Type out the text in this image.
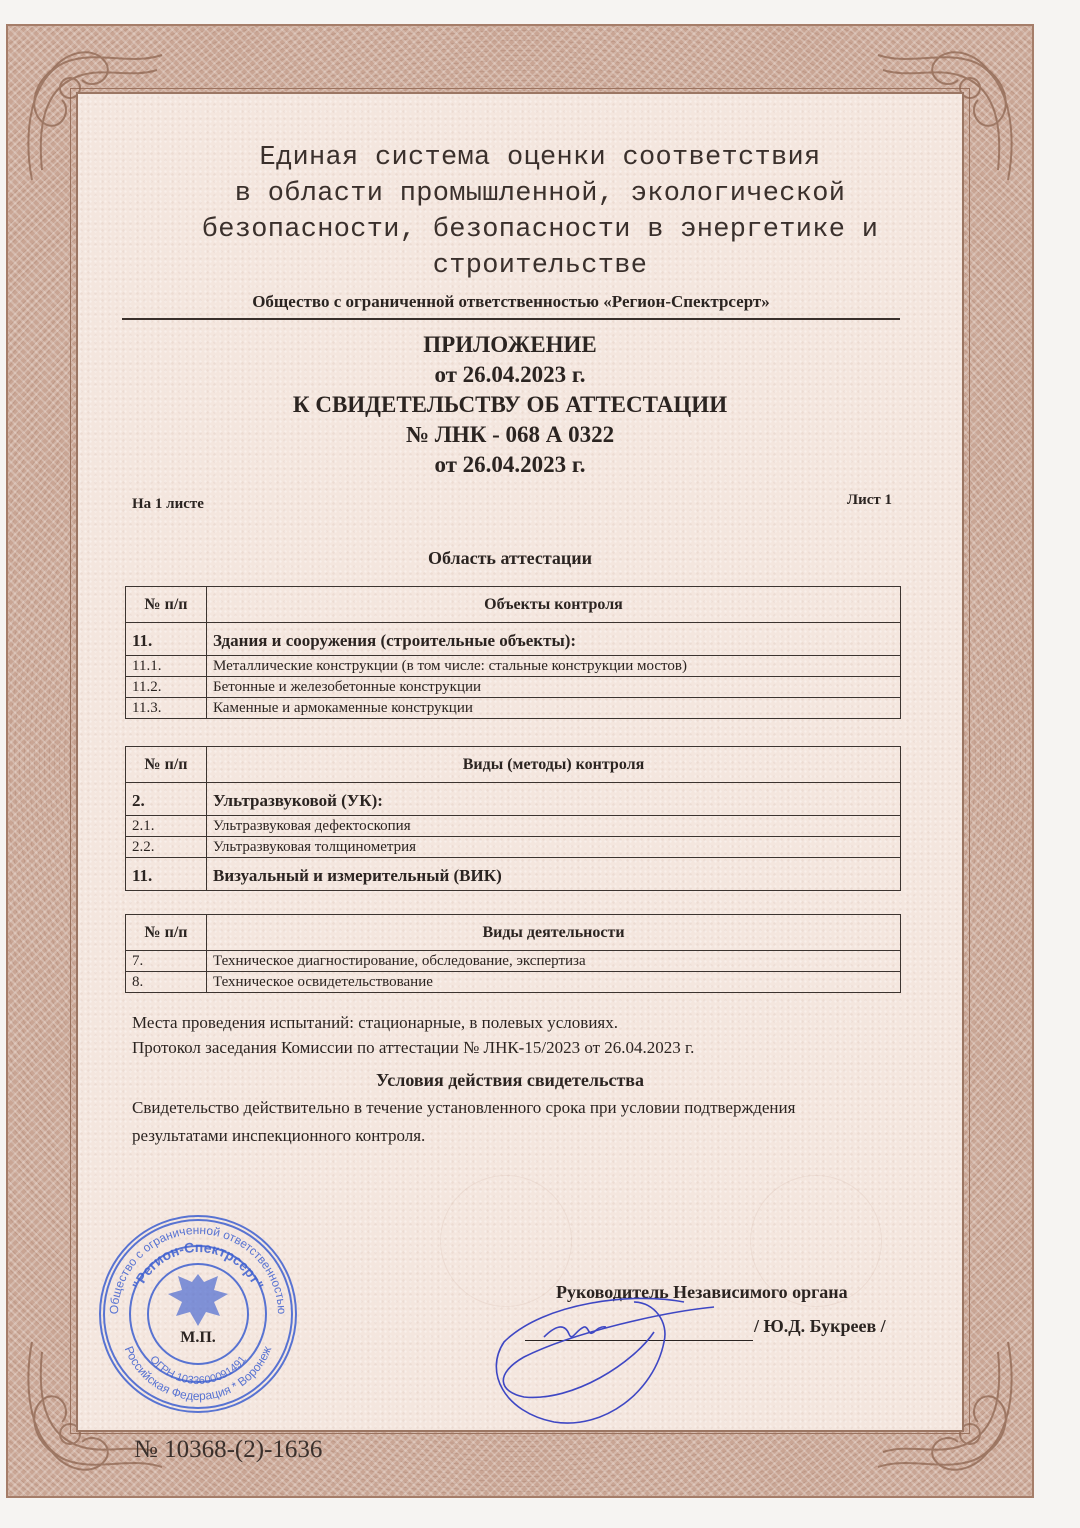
Единая система оценки соответствия
в области промышленной, экологической
безопасности, безопасности в энергетике и
строительстве
Общество с ограниченной ответственностью «Регион-Спектрсерт»
ПРИЛОЖЕНИЕ
от 26.04.2023 г.
К СВИДЕТЕЛЬСТВУ ОБ АТТЕСТАЦИИ
№ ЛНК - 068 А 0322
от 26.04.2023 г.
На 1 листе	Лист 1
Область аттестации
№ п/п	Объекты контроля
11.	Здания и сооружения (строительные объекты):
11.1.	Металлические конструкции (в том числе: стальные конструкции мостов)
11.2.	Бетонные и железобетонные конструкции
11.3.	Каменные и армокаменные конструкции
№ п/п	Виды (методы) контроля
2.	Ультразвуковой (УК):
2.1.	Ультразвуковая дефектоскопия
2.2.	Ультразвуковая толщинометрия
11.	Визуальный и измерительный (ВИК)
№ п/п	Виды деятельности
7.	Техническое диагностирование, обследование, экспертиза
8.	Техническое освидетельствование
Места проведения испытаний: стационарные, в полевых условиях.
Протокол заседания Комиссии по аттестации № ЛНК-15/2023 от 26.04.2023 г.
Условия действия свидетельства
Свидетельство действительно в течение установленного срока при условии подтверждения
результатами инспекционного контроля.
Руководитель Независимого органа
/ Ю.Д. Букреев /
Общество с ограниченной ответственностью
"Регион-Спектрсерт"
Российская Федерация * Воронеж
ОГРН 1033600091491
М.П.
№ 10368-(2)-1636
